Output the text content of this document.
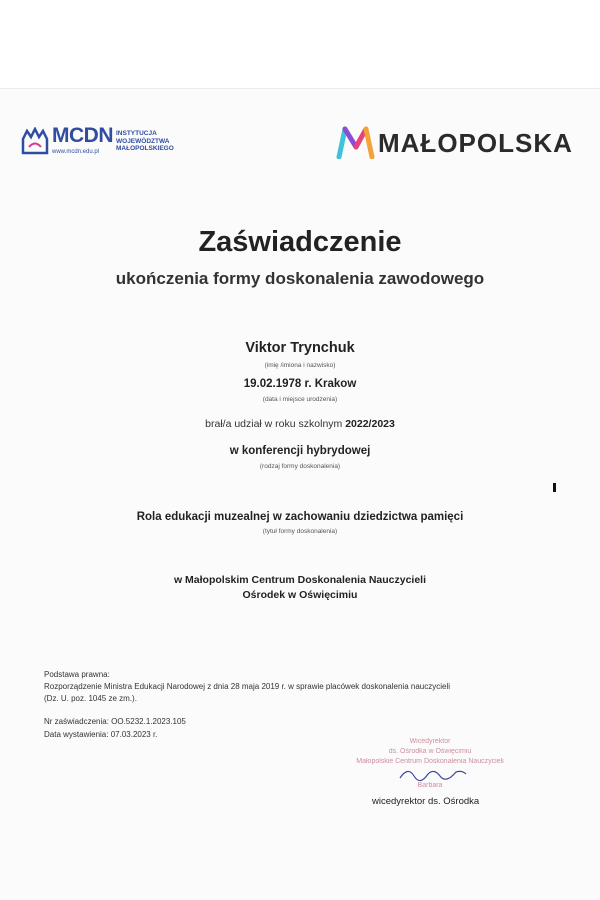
MCDN
www.mcdn.edu.pl
INSTYTUCJA
WOJEWÓDZTWA
MAŁOPOLSKIEGO	MAŁOPOLSKA
Zaświadczenie
ukończenia formy doskonalenia zawodowego
Viktor Trynchuk
(imię /imiona i nazwisko)
19.02.1978 r. Krakow
(data i miejsce urodzenia)
brał/a udział w roku szkolnym 2022/2023
w konferencji hybrydowej
(rodzaj formy doskonalenia)
Rola edukacji muzealnej w zachowaniu dziedzictwa pamięci
(tytuł formy doskonalenia)
w Małopolskim Centrum Doskonalenia Nauczycieli
Ośrodek w Oświęcimiu
Podstawa prawna:
Rozporządzenie Ministra Edukacji Narodowej z dnia 28 maja 2019 r. w sprawie placówek doskonalenia nauczycieli
(Dz. U. poz. 1045 ze zm.).
Nr zaświadczenia: OO.5232.1.2023.105
Data wystawienia: 07.03.2023 r.
Wicedyrektor
ds. Ośrodka w Oświęcimiu
Małopolskie Centrum Doskonalenia Nauczycieli
Barbara
wicedyrektor ds. Ośrodka
